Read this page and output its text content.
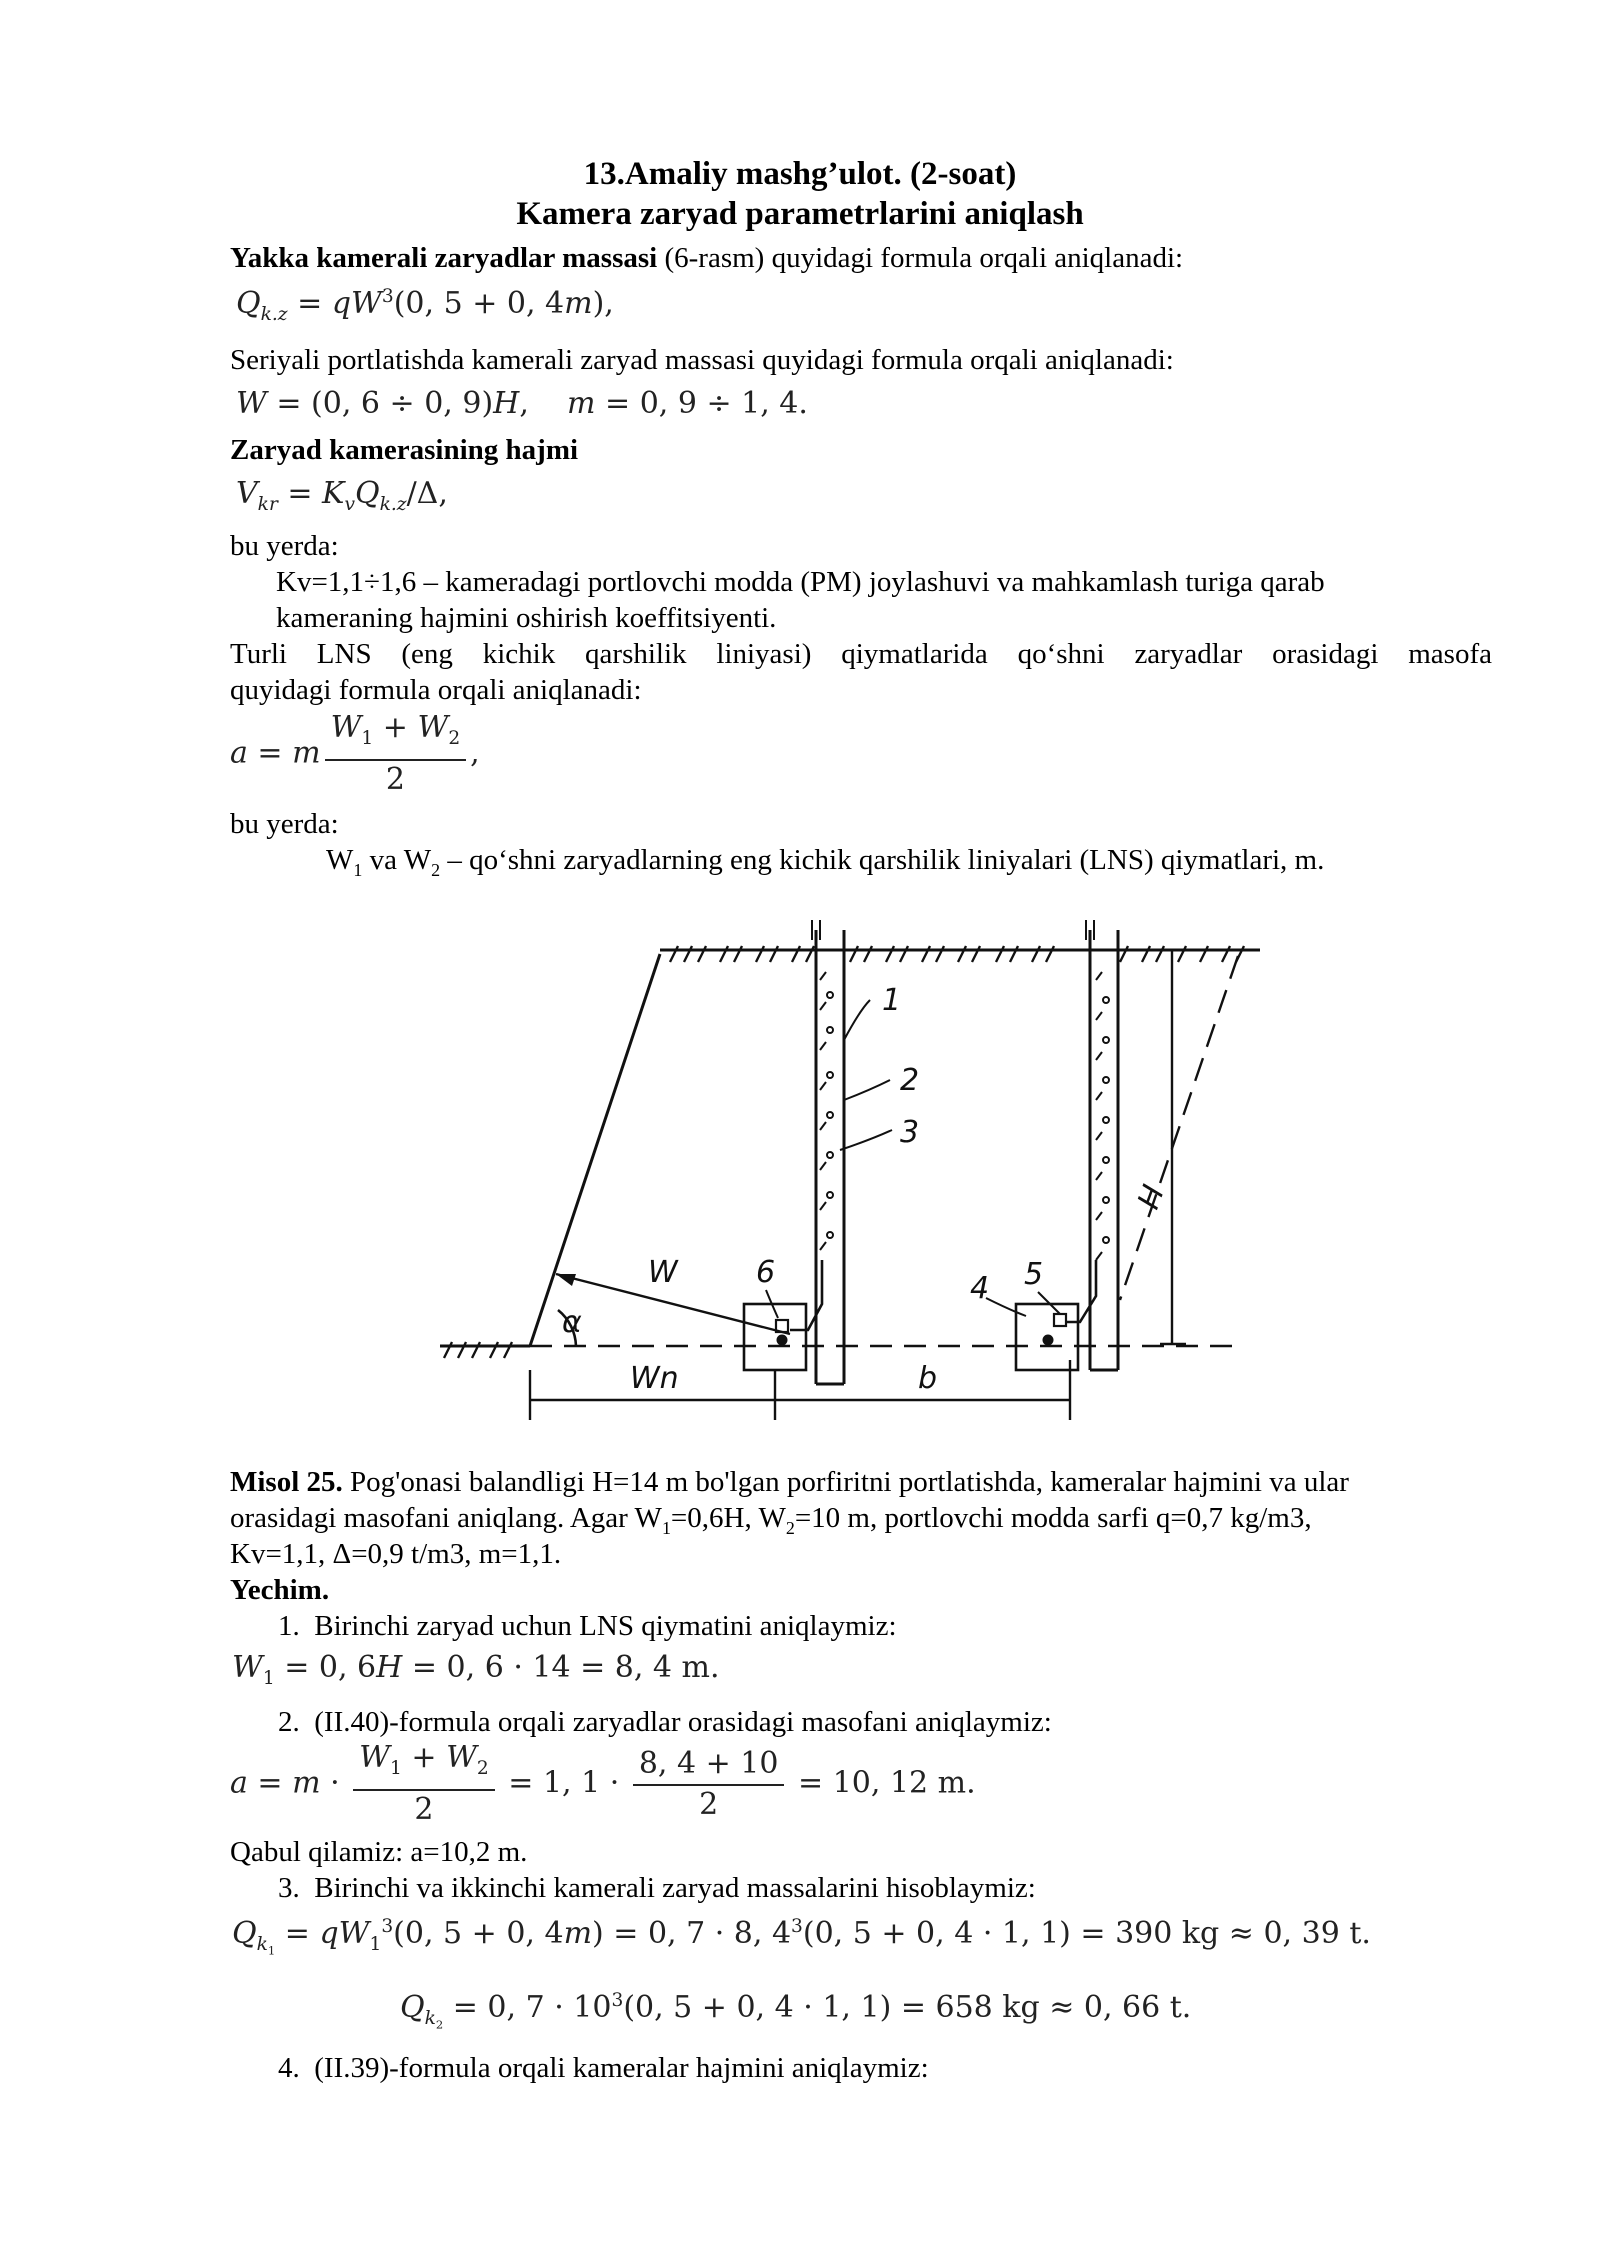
13.Amaliy mashg’ulot. (2-soat)
Kamera zaryad parametrlarini aniqlash
Yakka kamerali zaryadlar massasi (6-rasm) quyidagi formula orqali aniqlanadi:
$Q_{k.z} = qW^3(0$, 5 + 0, 4m),
Seriyali portlatishda kamerali zaryad massasi quyidagi formula orqali aniqlanadi:
W = (0, 6 ÷ 0, 9)H,    m = 0, 9 ÷ 1, 4.
Zaryad kamerasining hajmi
$V_{kr} = K_vQ_{k.z}/\Delta$,
bu yerda:
Kv=1,1÷1,6 – kameradagi portlovchi modda (PM) joylashuvi va mahkamlash turiga qarab
kameraning hajmini oshirish koeffitsiyenti.
Turli LNS (eng kichik qarshilik liniyasi) qiymatlarida qo‘shni zaryadlar orasidagi masofa
quyidagi formula orqali aniqlanadi:
a = m $\frac{W_1 + W_2}{2}$ ,
bu yerda:
$W_1$ va $W_2$ – qo‘shni zaryadlarning eng kichik qarshilik liniyalari (LNS) qiymatlari, m.
1
2
3
6	4 5
W
α
Wn	b
H
Misol 25. Pog'onasi balandligi H=14 m bo'lgan porfiritni portlatishda, kameralar hajmini va ular
orasidagi masofani aniqlang. Agar $W_1=0,6H$, $W_2=10$ m, portlovchi modda sarfi q=0,7 kg/m3,
Kv=1,1, Δ=0,9 t/m3, m=1,1.
Yechim.
1.  Birinchi zaryad uchun LNS qiymatini aniqlaymiz:
$W_1 = 0$, 6H = 0, 6 · 14 = 8, 4 m.
2.  (II.40)-formula orqali zaryadlar orasidagi masofani aniqlaymiz:
$a = m \cdot \frac{W_1 + W_2}{2} = 1$, $1 \cdot \frac{8, 4 + 10}{2} = 10$, 12 m.
Qabul qilamiz: a=10,2 m.
3.  Birinchi va ikkinchi kamerali zaryad massalarini hisoblaymiz:
$Q_{k_1} = qW_1^3(0$, 5 + 0, 4m) = 0, 7 · 8, $4^3(0$, 5 + 0, 4 · 1, 1) = 390 kg ≈ 0, 39 t.
$Q_{k_2} = 0$, $7 \cdot 10^3(0$, 5 + 0, 4 · 1, 1) = 658 kg ≈ 0, 66 t.
4.  (II.39)-formula orqali kameralar hajmini aniqlaymiz:
